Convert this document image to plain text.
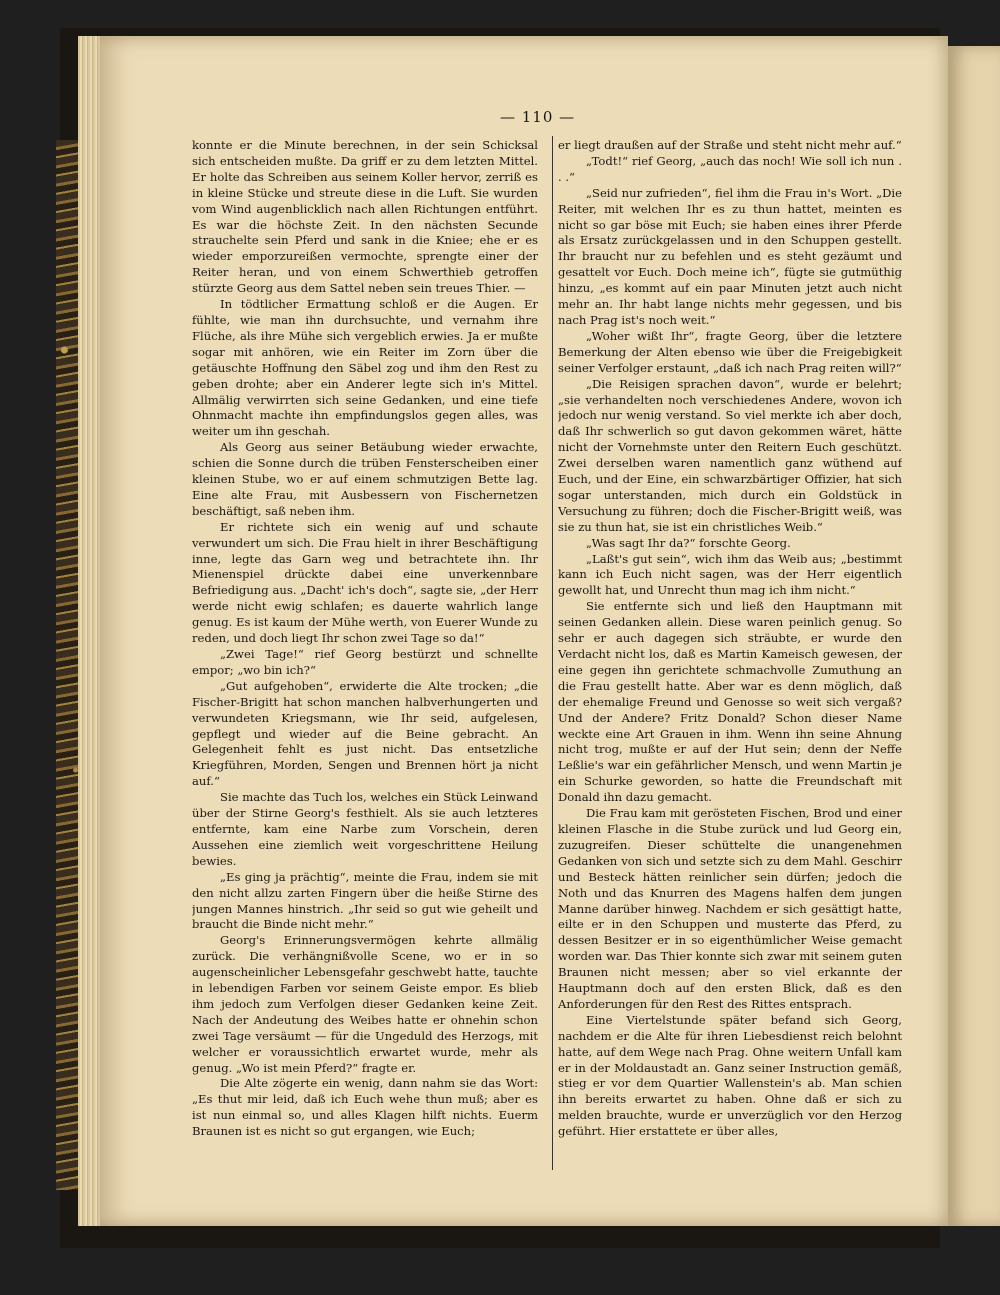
— 110 —

konnte er die Minute berechnen, in der sein Schicksal sich entscheiden mußte. Da griff er zu dem letzten Mittel. Er holte das Schreiben aus seinem Koller hervor, zerriß es in kleine Stücke und streute diese in die Luft. Sie wurden vom Wind augenblicklich nach allen Richtungen entführt. Es war die höchste Zeit. In den nächsten Secunde strauchelte sein Pferd und sank in die Kniee; ehe er es wieder emporzureißen vermochte, sprengte einer der Reiter heran, und von einem Schwerthieb getroffen stürzte Georg aus dem Sattel neben sein treues Thier. —

In tödtlicher Ermattung schloß er die Augen. Er fühlte, wie man ihn durchsuchte, und vernahm ihre Flüche, als ihre Mühe sich vergeblich erwies. Ja er mußte sogar mit anhören, wie ein Reiter im Zorn über die getäuschte Hoffnung den Säbel zog und ihm den Rest zu geben drohte; aber ein Anderer legte sich in's Mittel. Allmälig verwirrten sich seine Gedanken, und eine tiefe Ohnmacht machte ihn empfindungslos gegen alles, was weiter um ihn geschah.

Als Georg aus seiner Betäubung wieder erwachte, schien die Sonne durch die trüben Fensterscheiben einer kleinen Stube, wo er auf einem schmutzigen Bette lag. Eine alte Frau, mit Ausbessern von Fischernetzen beschäftigt, saß neben ihm.

Er richtete sich ein wenig auf und schaute verwundert um sich. Die Frau hielt in ihrer Beschäftigung inne, legte das Garn weg und betrachtete ihn. Ihr Mienenspiel drückte dabei eine unverkennbare Befriedigung aus. „Dacht' ich's doch“, sagte sie, „der Herr werde nicht ewig schlafen; es dauerte wahrlich lange genug. Es ist kaum der Mühe werth, von Euerer Wunde zu reden, und doch liegt Ihr schon zwei Tage so da!“

„Zwei Tage!“ rief Georg bestürzt und schnellte empor; „wo bin ich?“

„Gut aufgehoben“, erwiderte die Alte trocken; „die Fischer-Brigitt hat schon manchen halbverhungerten und verwundeten Kriegsmann, wie Ihr seid, aufgelesen, gepflegt und wieder auf die Beine gebracht. An Gelegenheit fehlt es just nicht. Das entsetzliche Kriegführen, Morden, Sengen und Brennen hört ja nicht auf.“

Sie machte das Tuch los, welches ein Stück Leinwand über der Stirne Georg's festhielt. Als sie auch letzteres entfernte, kam eine Narbe zum Vorschein, deren Aussehen eine ziemlich weit vorgeschrittene Heilung bewies.

„Es ging ja prächtig“, meinte die Frau, indem sie mit den nicht allzu zarten Fingern über die heiße Stirne des jungen Mannes hinstrich. „Ihr seid so gut wie geheilt und braucht die Binde nicht mehr.“

Georg's Erinnerungsvermögen kehrte allmälig zurück. Die verhängnißvolle Scene, wo er in so augenscheinlicher Lebensgefahr geschwebt hatte, tauchte in lebendigen Farben vor seinem Geiste empor. Es blieb ihm jedoch zum Verfolgen dieser Gedanken keine Zeit. Nach der Andeutung des Weibes hatte er ohnehin schon zwei Tage versäumt — für die Ungeduld des Herzogs, mit welcher er voraussichtlich erwartet wurde, mehr als genug. „Wo ist mein Pferd?“ fragte er.

Die Alte zögerte ein wenig, dann nahm sie das Wort: „Es thut mir leid, daß ich Euch wehe thun muß; aber es ist nun einmal so, und alles Klagen hilft nichts. Euerm Braunen ist es nicht so gut ergangen, wie Euch;

er liegt draußen auf der Straße und steht nicht mehr auf.“

„Todt!“ rief Georg, „auch das noch! Wie soll ich nun . . .“

„Seid nur zufrieden“, fiel ihm die Frau in's Wort. „Die Reiter, mit welchen Ihr es zu thun hattet, meinten es nicht so gar böse mit Euch; sie haben eines ihrer Pferde als Ersatz zurückgelassen und in den Schuppen gestellt. Ihr braucht nur zu befehlen und es steht gezäumt und gesattelt vor Euch. Doch meine ich“, fügte sie gutmüthig hinzu, „es kommt auf ein paar Minuten jetzt auch nicht mehr an. Ihr habt lange nichts mehr gegessen, und bis nach Prag ist's noch weit.“

„Woher wißt Ihr“, fragte Georg, über die letztere Bemerkung der Alten ebenso wie über die Freigebigkeit seiner Verfolger erstaunt, „daß ich nach Prag reiten will?“

„Die Reisigen sprachen davon“, wurde er belehrt; „sie verhandelten noch verschiedenes Andere, wovon ich jedoch nur wenig verstand. So viel merkte ich aber doch, daß Ihr schwerlich so gut davon gekommen wäret, hätte nicht der Vornehmste unter den Reitern Euch geschützt. Zwei derselben waren namentlich ganz wüthend auf Euch, und der Eine, ein schwarzbärtiger Offizier, hat sich sogar unterstanden, mich durch ein Goldstück in Versuchung zu führen; doch die Fischer-Brigitt weiß, was sie zu thun hat, sie ist ein christliches Weib.“

„Was sagt Ihr da?“ forschte Georg.

„Laßt's gut sein“, wich ihm das Weib aus; „bestimmt kann ich Euch nicht sagen, was der Herr eigentlich gewollt hat, und Unrecht thun mag ich ihm nicht.“

Sie entfernte sich und ließ den Hauptmann mit seinen Gedanken allein. Diese waren peinlich genug. So sehr er auch dagegen sich sträubte, er wurde den Verdacht nicht los, daß es Martin Kameisch gewesen, der eine gegen ihn gerichtete schmachvolle Zumuthung an die Frau gestellt hatte. Aber war es denn möglich, daß der ehemalige Freund und Genosse so weit sich vergaß? Und der Andere? Fritz Donald? Schon dieser Name weckte eine Art Grauen in ihm. Wenn ihn seine Ahnung nicht trog, mußte er auf der Hut sein; denn der Neffe Leßlie's war ein gefährlicher Mensch, und wenn Martin je ein Schurke geworden, so hatte die Freundschaft mit Donald ihn dazu gemacht.

Die Frau kam mit gerösteten Fischen, Brod und einer kleinen Flasche in die Stube zurück und lud Georg ein, zuzugreifen. Dieser schüttelte die unangenehmen Gedanken von sich und setzte sich zu dem Mahl. Geschirr und Besteck hätten reinlicher sein dürfen; jedoch die Noth und das Knurren des Magens halfen dem jungen Manne darüber hinweg. Nachdem er sich gesättigt hatte, eilte er in den Schuppen und musterte das Pferd, zu dessen Besitzer er in so eigenthümlicher Weise gemacht worden war. Das Thier konnte sich zwar mit seinem guten Braunen nicht messen; aber so viel erkannte der Hauptmann doch auf den ersten Blick, daß es den Anforderungen für den Rest des Rittes entsprach.

Eine Viertelstunde später befand sich Georg, nachdem er die Alte für ihren Liebesdienst reich belohnt hatte, auf dem Wege nach Prag. Ohne weitern Unfall kam er in der Moldaustadt an. Ganz seiner Instruction gemäß, stieg er vor dem Quartier Wallenstein's ab. Man schien ihn bereits erwartet zu haben. Ohne daß er sich zu melden brauchte, wurde er unverzüglich vor den Herzog geführt. Hier erstattete er über alles,
